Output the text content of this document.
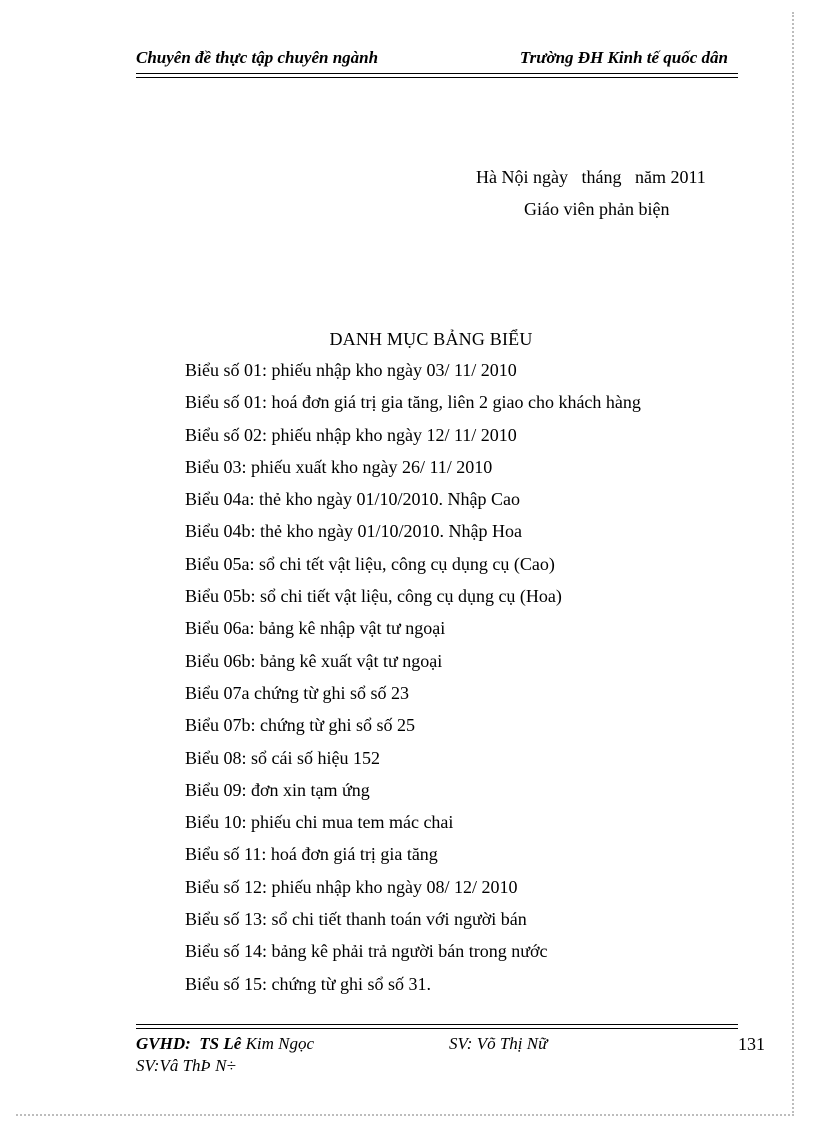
Chuyên đề thực tập chuyên ngành	Trường ĐH Kinh tế quốc dân
Hà Nội ngày   tháng   năm 2011
Giáo viên phản biện
DANH MỤC BẢNG BIỂU
Biểu số 01: phiếu nhập kho ngày 03/ 11/ 2010
Biểu số 01: hoá đơn giá trị gia tăng, liên 2 giao cho khách hàng
Biểu số 02: phiếu nhập kho ngày 12/ 11/ 2010
Biểu 03: phiếu xuất kho ngày 26/ 11/ 2010
Biểu 04a: thẻ kho ngày 01/10/2010. Nhập Cao
Biểu 04b: thẻ kho ngày 01/10/2010. Nhập Hoa
Biểu 05a: sổ chi tết vật liệu, công cụ dụng cụ (Cao)
Biểu 05b: sổ chi tiết vật liệu, công cụ dụng cụ (Hoa)
Biểu 06a: bảng kê nhập vật tư ngoại
Biểu 06b: bảng kê xuất vật tư ngoại
Biểu 07a chứng từ ghi sổ số 23
Biểu 07b: chứng từ ghi sổ số 25
Biểu 08: sổ cái số hiệu 152
Biểu 09: đơn xin tạm ứng
Biểu 10: phiếu chi mua tem mác chai
Biểu số 11: hoá đơn giá trị gia tăng
Biểu số 12: phiếu nhập kho ngày 08/ 12/ 2010
Biểu số 13: sổ chi tiết thanh toán với người bán
Biểu số 14: bảng kê phải trả người bán trong nước
Biểu số 15: chứng từ ghi sổ số 31.
GVHD: TS Lê Kim Ngọc	SV: Võ Thị Nữ
SV:Vâ ThÞ N÷
131
